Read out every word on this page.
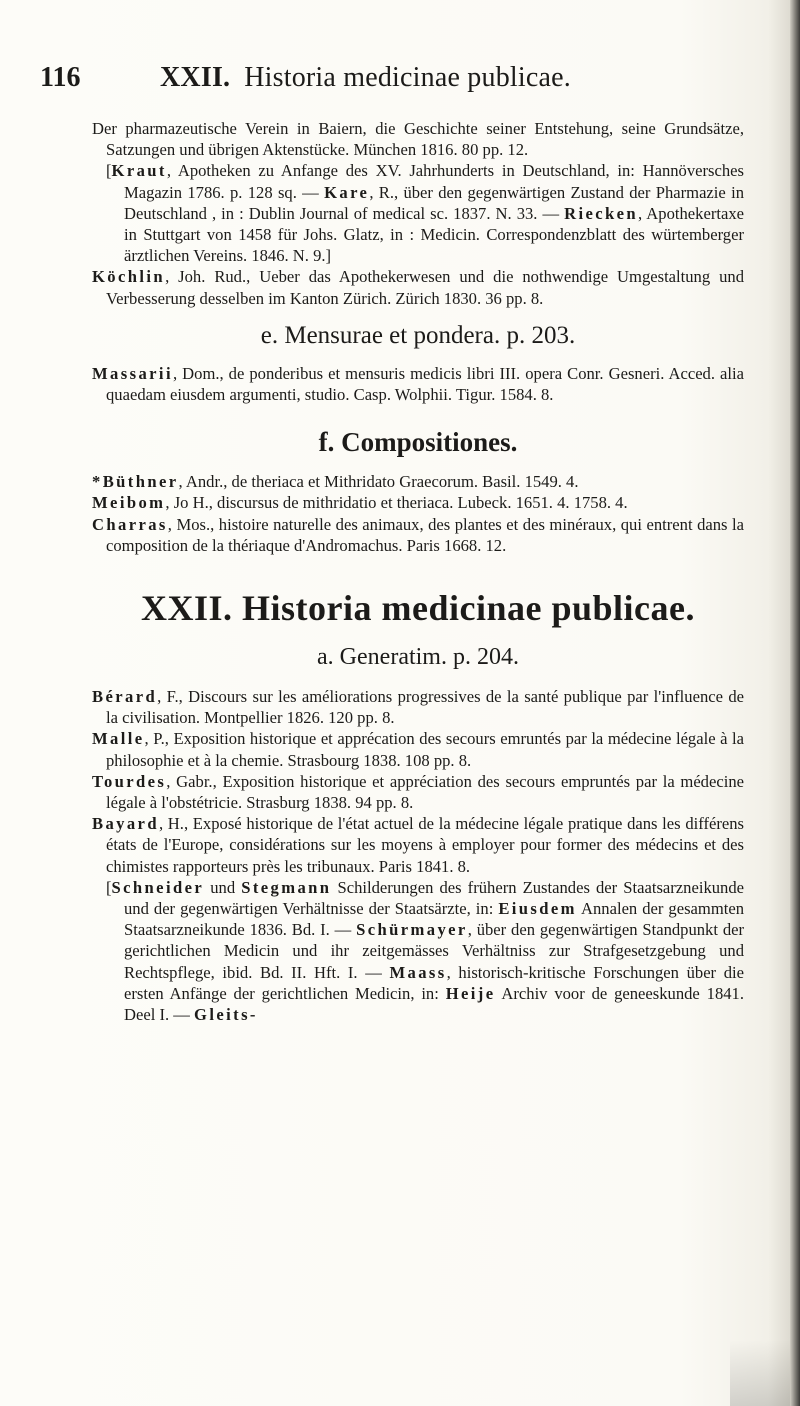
116	XXII. Historia medicinae publicae.

Der pharmazeutische Verein in Baiern, die Geschichte seiner Entstehung, seine Grundsätze, Satzungen und übrigen Aktenstücke. München 1816. 80 pp. 12.

[Kraut, Apotheken zu Anfange des XV. Jahrhunderts in Deutschland, in: Hannöversches Magazin 1786. p. 128 sq. — Kare, R., über den gegenwärtigen Zustand der Pharmazie in Deutschland , in : Dublin Journal of medical sc. 1837. N. 33. — Riecken, Apothekertaxe in Stuttgart von 1458 für Johs. Glatz, in : Medicin. Correspondenzblatt des würtemberger ärztlichen Vereins. 1846. N. 9.]

Köchlin, Joh. Rud., Ueber das Apothekerwesen und die nothwendige Umgestaltung und Verbesserung desselben im Kanton Zürich. Zürich 1830. 36 pp. 8.

e. Mensurae et pondera. p. 203.

Massarii, Dom., de ponderibus et mensuris medicis libri III. opera Conr. Gesneri. Acced. alia quaedam eiusdem argumenti, studio. Casp. Wolphii. Tigur. 1584. 8.

f. Compositiones.

*Büthner, Andr., de theriaca et Mithridato Graecorum. Basil. 1549. 4.

Meibom, Jo H., discursus de mithridatio et theriaca. Lubeck. 1651. 4. 1758. 4.

Charras, Mos., histoire naturelle des animaux, des plantes et des minéraux, qui entrent dans la composition de la thériaque d'Andromachus. Paris 1668. 12.

XXII. Historia medicinae publicae.
a. Generatim. p. 204.

Bérard, F., Discours sur les améliorations progressives de la santé publique par l'influence de la civilisation. Montpellier 1826. 120 pp. 8.

Malle, P., Exposition historique et apprécation des secours emruntés par la médecine légale à la philosophie et à la chemie. Strasbourg 1838. 108 pp. 8.

Tourdes, Gabr., Exposition historique et appréciation des secours empruntés par la médecine légale à l'obstétricie. Strasburg 1838. 94 pp. 8.

Bayard, H., Exposé historique de l'état actuel de la médecine légale pratique dans les différens états de l'Europe, considérations sur les moyens à employer pour former des médecins et des chimistes rapporteurs près les tribunaux. Paris 1841. 8.

[Schneider und Stegmann Schilderungen des frühern Zustandes der Staatsarzneikunde und der gegenwärtigen Verhältnisse der Staatsärzte, in: Eiusdem Annalen der gesammten Staatsarzneikunde 1836. Bd. I. — Schürmayer, über den gegenwärtigen Standpunkt der gerichtlichen Medicin und ihr zeitgemässes Verhältniss zur Strafgesetzgebung und Rechtspflege, ibid. Bd. II. Hft. I. — Maass, historisch-kritische Forschungen über die ersten Anfänge der gerichtlichen Medicin, in: Heije Archiv voor de geneeskunde 1841. Deel I. — Gleits-
